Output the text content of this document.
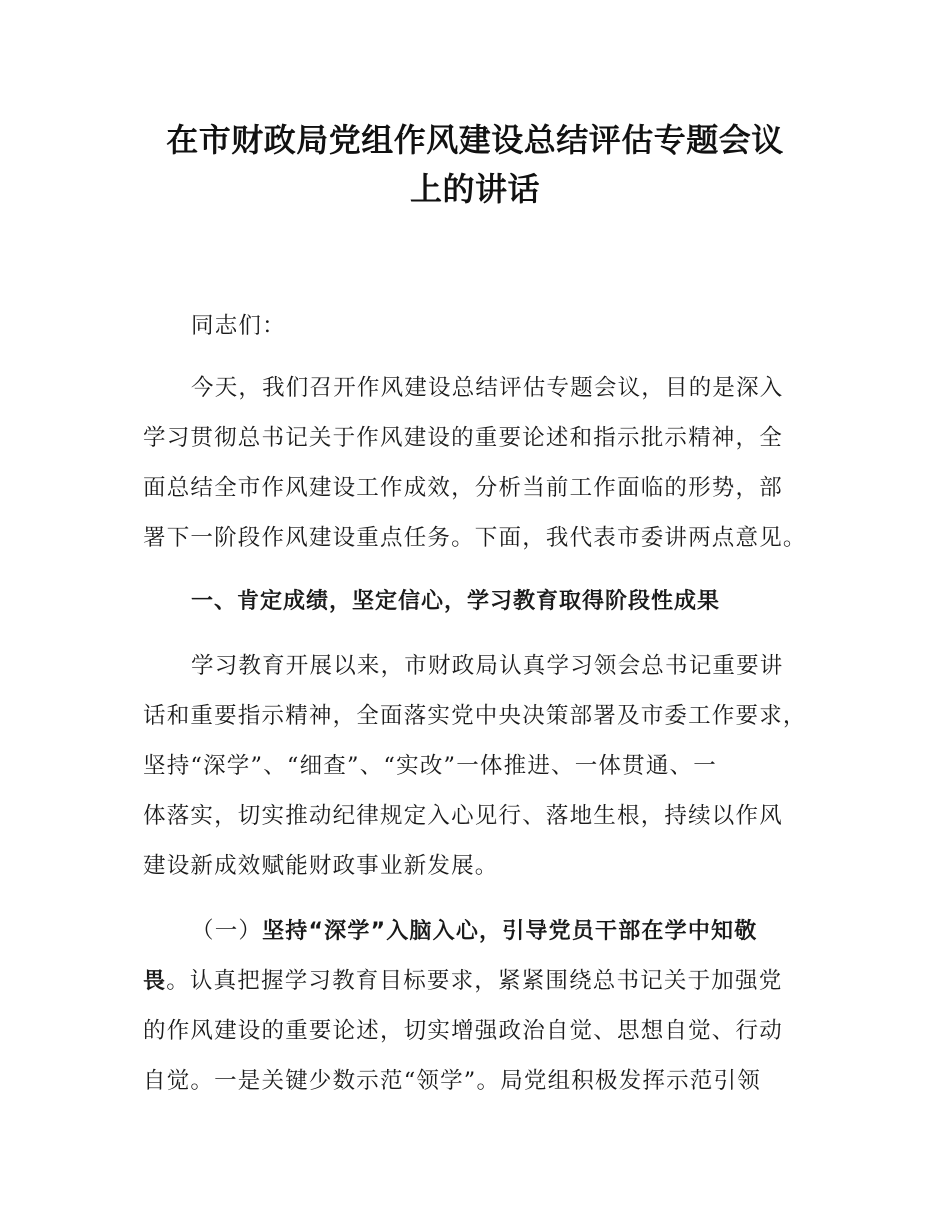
在市财政局党组作风建设总结评估专题会议
上的讲话
同志们：
今天，我们召开作风建设总结评估专题会议，目的是深入
学习贯彻总书记关于作风建设的重要论述和指示批示精神，全
面总结全市作风建设工作成效，分析当前工作面临的形势，部
署下一阶段作风建设重点任务。下面，我代表市委讲两点意见。
一、肯定成绩，坚定信心，学习教育取得阶段性成果
学习教育开展以来，市财政局认真学习领会总书记重要讲
话和重要指示精神，全面落实党中央决策部署及市委工作要求，
坚持“深学”、“细查”、“实改”一体推进、一体贯通、一
体落实，切实推动纪律规定入心见行、落地生根，持续以作风
建设新成效赋能财政事业新发展。
（一）坚持“深学”入脑入心，引导党员干部在学中知敬
畏。认真把握学习教育目标要求，紧紧围绕总书记关于加强党
的作风建设的重要论述，切实增强政治自觉、思想自觉、行动
自觉。一是关键少数示范“领学”。局党组积极发挥示范引领
